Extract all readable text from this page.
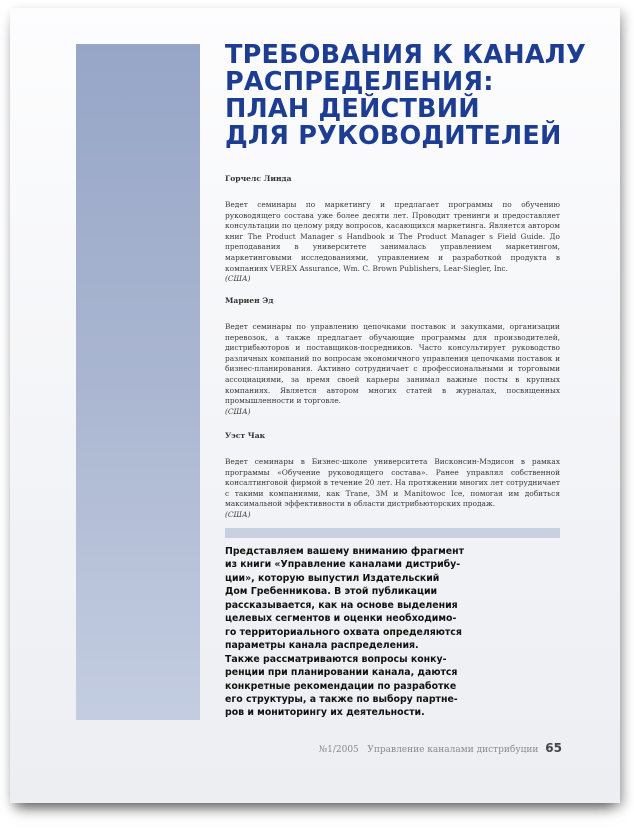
ТРЕБОВАНИЯ К КАНАЛУ
РАСПРЕДЕЛЕНИЯ:
ПЛАН ДЕЙСТВИЙ
ДЛЯ РУКОВОДИТЕЛЕЙ
Горчелс Линда

Ведет семинары по маркетингу и предлагает программы по обучению руководящего состава уже более десяти лет. Проводит тренинги и предоставляет консультации по целому ряду вопросов, касающихся маркетинга. Является автором книг The Product Manager s Handbook и The Product Manager s Field Guide. До преподавания в университете занималась управлением маркетингом, маркетинговыми исследованиями, управлением и разработкой продукта в компаниях VEREX Assurance, Wm. C. Brown Publishers, Lear-Siegler, Inc.

(США)
Мариен Эд

Ведет семинары по управлению цепочками поставок и закупками, организации перевозок, а также предлагает обучающие программы для производителей, дистрибьюторов и поставщиков-посредников. Часто консультирует руководство различных компаний по вопросам экономичного управления цепочками поставок и бизнес-планирования. Активно сотрудничает с профессиональными и торговыми ассоциациями, за время своей карьеры занимал важные посты в крупных компаниях. Является автором многих статей в журналах, посвященных промышленности и торговле.

(США)
Уэст Чак

Ведет семинары в Бизнес-школе университета Висконсин-Мэдисон в рамках программы «Обучение руководящего состава». Ранее управлял собственной консалтинговой фирмой в течение 20 лет. На протяжении многих лет сотрудничает с такими компаниями, как Trane, 3M и Manitowoc Ice, помогая им добиться максимальной эффективности в области дистрибьюторских продаж.

(США)
Представляем вашему вниманию фрагмент
из книги «Управление каналами дистрибу-
ции», которую выпустил Издательский
Дом Гребенникова. В этой публикации
рассказывается, как на основе выделения
целевых сегментов и оценки необходимо-
го территориального охвата определяются
параметры канала распределения.
Также рассматриваются вопросы конку-
ренции при планировании канала, даются
конкретные рекомендации по разработке
его структуры, а также по выбору партне-
ров и мониторингу их деятельности.
№1/2005 Управление каналами дистрибуции 65
